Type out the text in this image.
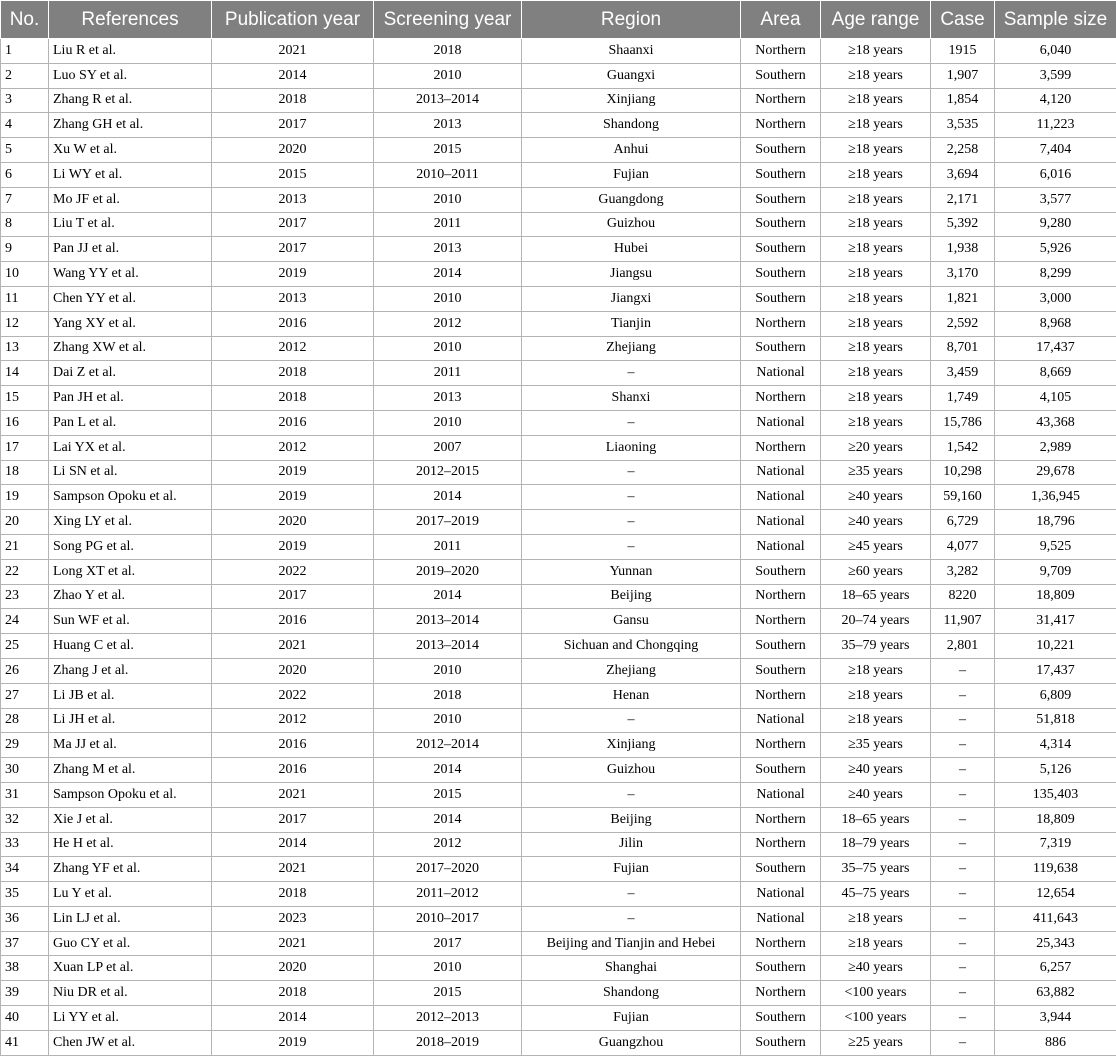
No.	References	Publication year	Screening year	Region	Area	Age range	Case	Sample size
1	Liu R et al.	2021	2018	Shaanxi	Northern	≥18 years	1915	6,040
2	Luo SY et al.	2014	2010	Guangxi	Southern	≥18 years	1,907	3,599
3	Zhang R et al.	2018	2013–2014	Xinjiang	Northern	≥18 years	1,854	4,120
4	Zhang GH et al.	2017	2013	Shandong	Northern	≥18 years	3,535	11,223
5	Xu W et al.	2020	2015	Anhui	Southern	≥18 years	2,258	7,404
6	Li WY et al.	2015	2010–2011	Fujian	Southern	≥18 years	3,694	6,016
7	Mo JF et al.	2013	2010	Guangdong	Southern	≥18 years	2,171	3,577
8	Liu T et al.	2017	2011	Guizhou	Southern	≥18 years	5,392	9,280
9	Pan JJ et al.	2017	2013	Hubei	Southern	≥18 years	1,938	5,926
10	Wang YY et al.	2019	2014	Jiangsu	Southern	≥18 years	3,170	8,299
11	Chen YY et al.	2013	2010	Jiangxi	Southern	≥18 years	1,821	3,000
12	Yang XY et al.	2016	2012	Tianjin	Northern	≥18 years	2,592	8,968
13	Zhang XW et al.	2012	2010	Zhejiang	Southern	≥18 years	8,701	17,437
14	Dai Z et al.	2018	2011	–	National	≥18 years	3,459	8,669
15	Pan JH et al.	2018	2013	Shanxi	Northern	≥18 years	1,749	4,105
16	Pan L et al.	2016	2010	–	National	≥18 years	15,786	43,368
17	Lai YX et al.	2012	2007	Liaoning	Northern	≥20 years	1,542	2,989
18	Li SN et al.	2019	2012–2015	–	National	≥35 years	10,298	29,678
19	Sampson Opoku et al.	2019	2014	–	National	≥40 years	59,160	1,36,945
20	Xing LY et al.	2020	2017–2019	–	National	≥40 years	6,729	18,796
21	Song PG et al.	2019	2011	–	National	≥45 years	4,077	9,525
22	Long XT et al.	2022	2019–2020	Yunnan	Southern	≥60 years	3,282	9,709
23	Zhao Y et al.	2017	2014	Beijing	Northern	18–65 years	8220	18,809
24	Sun WF et al.	2016	2013–2014	Gansu	Northern	20–74 years	11,907	31,417
25	Huang C et al.	2021	2013–2014	Sichuan and Chongqing	Southern	35–79 years	2,801	10,221
26	Zhang J et al.	2020	2010	Zhejiang	Southern	≥18 years	–	17,437
27	Li JB et al.	2022	2018	Henan	Northern	≥18 years	–	6,809
28	Li JH et al.	2012	2010	–	National	≥18 years	–	51,818
29	Ma JJ et al.	2016	2012–2014	Xinjiang	Northern	≥35 years	–	4,314
30	Zhang M et al.	2016	2014	Guizhou	Southern	≥40 years	–	5,126
31	Sampson Opoku et al.	2021	2015	–	National	≥40 years	–	135,403
32	Xie J et al.	2017	2014	Beijing	Northern	18–65 years	–	18,809
33	He H et al.	2014	2012	Jilin	Northern	18–79 years	–	7,319
34	Zhang YF et al.	2021	2017–2020	Fujian	Southern	35–75 years	–	119,638
35	Lu Y et al.	2018	2011–2012	–	National	45–75 years	–	12,654
36	Lin LJ et al.	2023	2010–2017	–	National	≥18 years	–	411,643
37	Guo CY et al.	2021	2017	Beijing and Tianjin and Hebei	Northern	≥18 years	–	25,343
38	Xuan LP et al.	2020	2010	Shanghai	Southern	≥40 years	–	6,257
39	Niu DR et al.	2018	2015	Shandong	Northern	<100 years	–	63,882
40	Li YY et al.	2014	2012–2013	Fujian	Southern	<100 years	–	3,944
41	Chen JW et al.	2019	2018–2019	Guangzhou	Southern	≥25 years	–	886
